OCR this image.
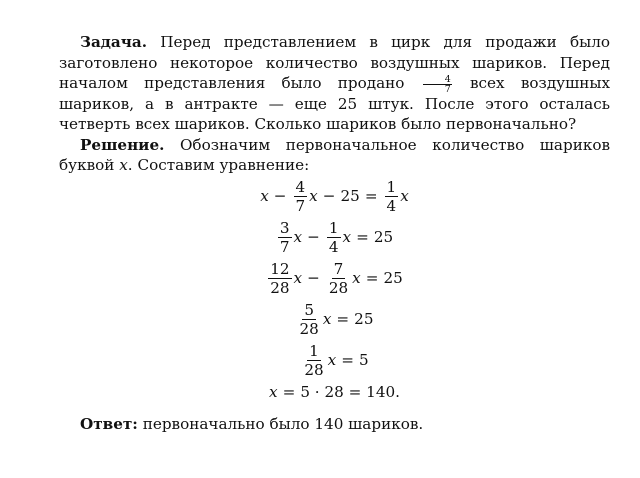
Задача. Перед представлением в цирк для продажи было заготовлено некоторое количество воздушных шариков. Перед началом представления было продано $\frac{4}{7}$ всех воздушных шариков, а в антракте — еще 25 штук. После этого осталась четверть всех шариков. Сколько шариков было первоначально?

Решение. Обозначим первоначальное количество шариков буквой x. Составим уравнение:

$x - \frac{4}{7}$ $x - 25 = \frac{1}{4}$ x
$\frac{3}{7}$ $x - \frac{1}{4}$ x = 25
$\frac{12}{28}$ $x - \frac{7}{28}$ x = 25
$\frac{5}{28}$ x = 25
$\frac{1}{28}$ x = 5
x = 5 · 28 = 140.

Ответ: первоначально было 140 шариков.
